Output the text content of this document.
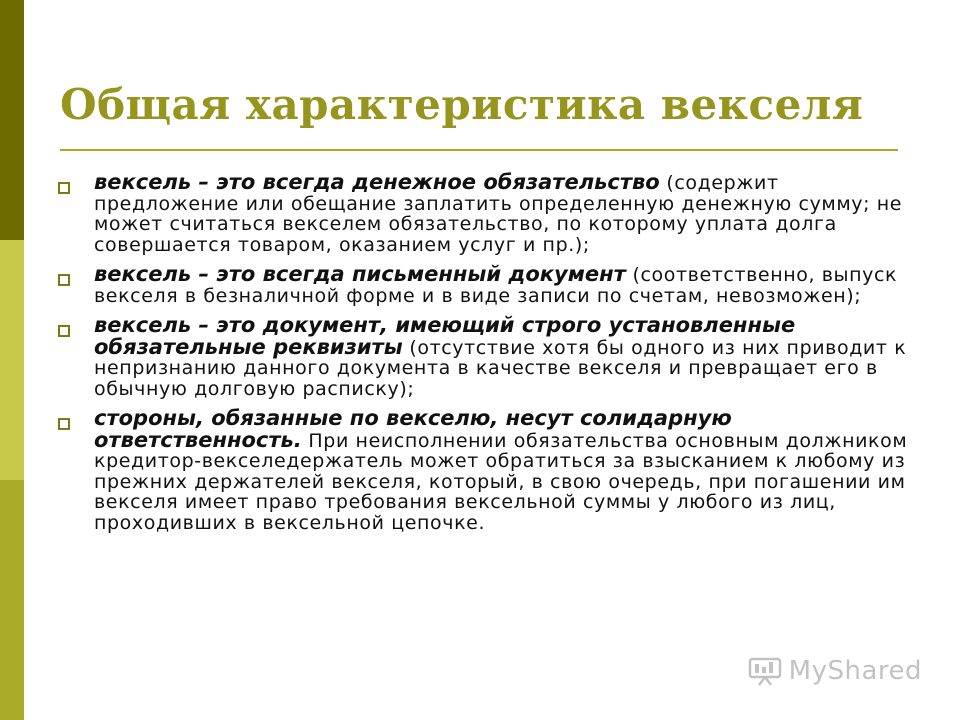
Общая характеристика векселя
вексель – это всегда денежное обязательство (содержит предложение или обещание заплатить определенную денежную сумму; не может считаться векселем обязательство, по которому уплата долга совершается товаром, оказанием услуг и пр.);
вексель – это всегда письменный документ (соответственно, выпуск векселя в безналичной форме и в виде записи по счетам, невозможен);
вексель – это документ, имеющий строго установленные обязательные реквизиты (отсутствие хотя бы одного из них приводит к непризнанию данного документа в качестве векселя и превращает его в обычную долговую расписку);
стороны, обязанные по векселю, несут солидарную ответственность. При неисполнении обязательства основным должником кредитор-векселедержатель может обратиться за взысканием к любому из прежних держателей векселя, который, в свою очередь, при погашении им векселя имеет право требования вексельной суммы у любого из лиц, проходивших в вексельной цепочке.
MyShared
